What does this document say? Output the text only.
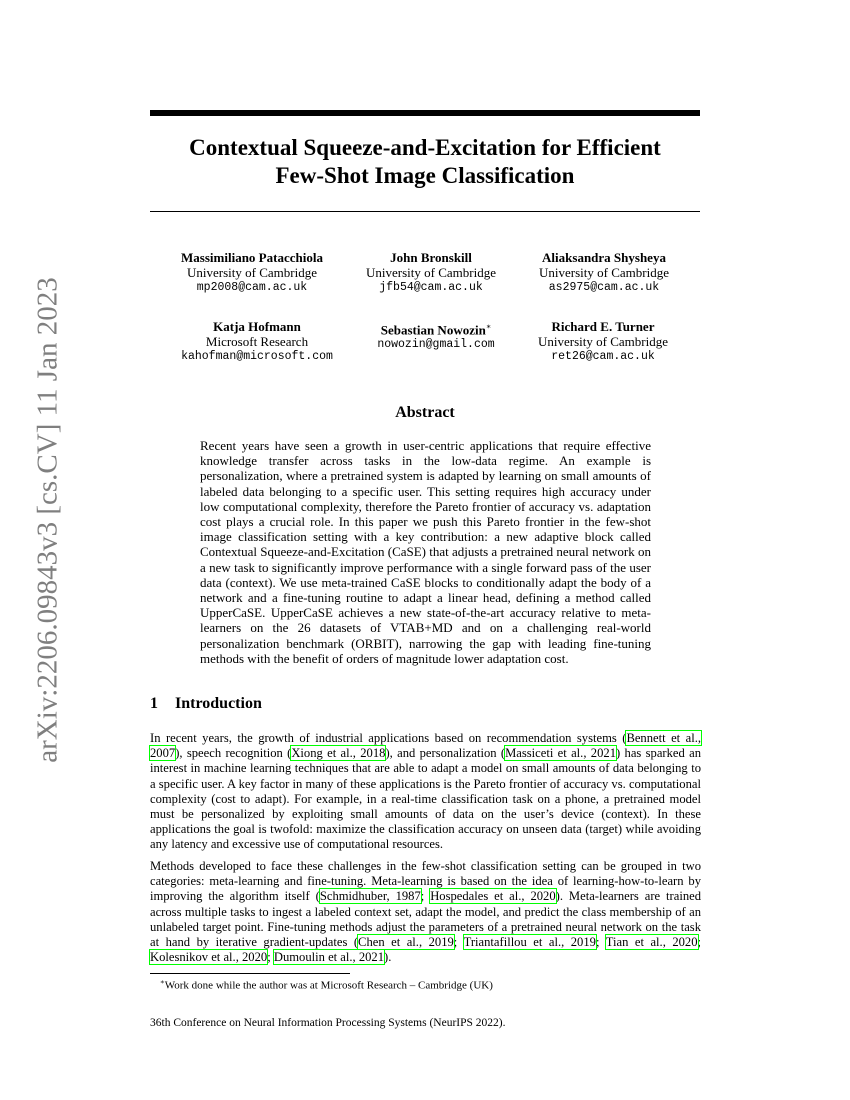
arXiv:2206.09843v3 [cs.CV] 11 Jan 2023
Contextual Squeeze-and-Excitation for Efficient
Few-Shot Image Classification
Massimiliano Patacchiola
University of Cambridge
mp2008@cam.ac.uk
John Bronskill
University of Cambridge
jfb54@cam.ac.uk
Aliaksandra Shysheya
University of Cambridge
as2975@cam.ac.uk
Katja Hofmann
Microsoft Research
kahofman@microsoft.com
Sebastian Nowozin∗
nowozin@gmail.com
Richard E. Turner
University of Cambridge
ret26@cam.ac.uk
Abstract
Recent years have seen a growth in user-centric applications that require effective knowledge transfer across tasks in the low-data regime. An example is personalization, where a pretrained system is adapted by learning on small amounts of labeled data belonging to a specific user. This setting requires high accuracy under low computational complexity, therefore the Pareto frontier of accuracy vs. adaptation cost plays a crucial role. In this paper we push this Pareto frontier in the few-shot image classification setting with a key contribution: a new adaptive block called Contextual Squeeze-and-Excitation (CaSE) that adjusts a pretrained neural network on a new task to significantly improve performance with a single forward pass of the user data (context). We use meta-trained CaSE blocks to conditionally adapt the body of a network and a fine-tuning routine to adapt a linear head, defining a method called UpperCaSE. UpperCaSE achieves a new state-of-the-art accuracy relative to meta-learners on the 26 datasets of VTAB+MD and on a challenging real-world personalization benchmark (ORBIT), narrowing the gap with leading fine-tuning methods with the benefit of orders of magnitude lower adaptation cost.
1 Introduction
In recent years, the growth of industrial applications based on recommendation systems (Bennett et al., 2007), speech recognition (Xiong et al., 2018), and personalization (Massiceti et al., 2021) has sparked an interest in machine learning techniques that are able to adapt a model on small amounts of data belonging to a specific user. A key factor in many of these applications is the Pareto frontier of accuracy vs. computational complexity (cost to adapt). For example, in a real-time classification task on a phone, a pretrained model must be personalized by exploiting small amounts of data on the user’s device (context). In these applications the goal is twofold: maximize the classification accuracy on unseen data (target) while avoiding any latency and excessive use of computational resources.
Methods developed to face these challenges in the few-shot classification setting can be grouped in two categories: meta-learning and fine-tuning. Meta-learning is based on the idea of learning-how-to-learn by improving the algorithm itself (Schmidhuber, 1987; Hospedales et al., 2020). Meta-learners are trained across multiple tasks to ingest a labeled context set, adapt the model, and predict the class membership of an unlabeled target point. Fine-tuning methods adjust the parameters of a pretrained neural network on the task at hand by iterative gradient-updates (Chen et al., 2019; Triantafillou et al., 2019; Tian et al., 2020; Kolesnikov et al., 2020; Dumoulin et al., 2021).
∗Work done while the author was at Microsoft Research – Cambridge (UK)
36th Conference on Neural Information Processing Systems (NeurIPS 2022).
